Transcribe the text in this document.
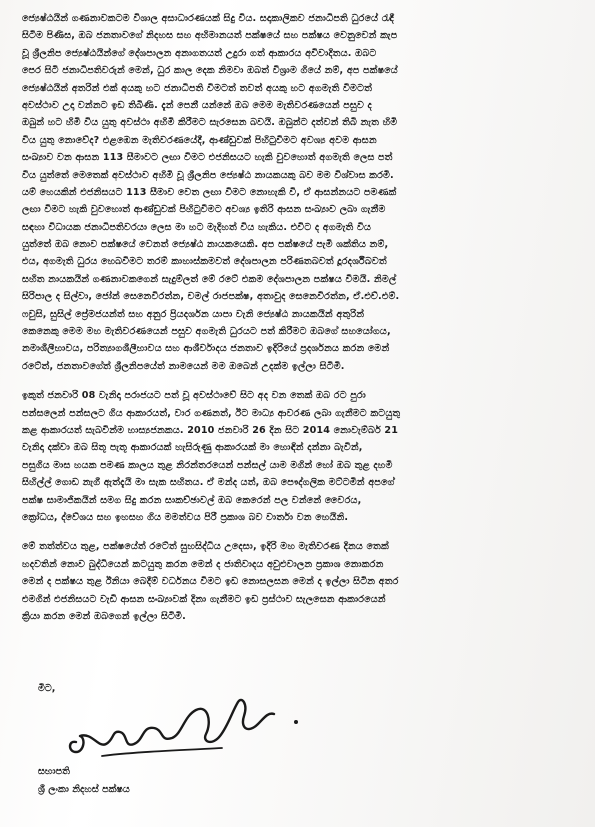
ජ්‍යෙෂ්ඨයින් ගණනාවකටම විශාල අසාධාරණයක් සිදු විය. සදාකාලිකව ජනාධිපති ධුරයේ රැඳී
සිටීම පිණිස, ඔබ ජනතාවගේ නිදහස සහ අභිමානයත් පක්ෂයේ සහ පක්ෂය වෙනුවෙන් කැප
වූ ශ්‍රීලනිප ජ්‍යෙෂ්ඨයින්ගේ දේශපාලන අනාගතයත් උදුරා ගත් ආකාරය අවිවාදිතය. ඔබට
පෙර සිටි ජනාධිපතිවරුන් මෙන්, ධුර කාල දෙක නිමවා ඔබත් විශ්‍රාම ගියේ නම්, අප පක්ෂයේ
ජ්‍යෙෂ්ඨයින් අතරින් එක් අයකු හට ජනාධිපති වීමටත් තවත් අයකු හට අගමැති වීමටත්
අවස්ථාව උදා වන්නට ඉඩ තිබිණි. දැන් පෙනී යන්නේ ඔබ මෙම මැතිවරණයෙන් පසුව ද
ඔබුන් හට හිමි විය යුතු අවස්ථා අහිමි කිරීමට සැරසෙන බවයි. ඔබුන්ට දත්වන් තිබී නැත හිමි
විය යුතු නොවේද? එළඹෙන මැතිවරණයේදී, ආණ්ඩුවක් පිහිටුවීමට අවශ්‍ය අවම ආසන
සංඛ්‍යාව වන ආසන 113 සීමාවට ලඟා වීමට එජනිසයට හැකි වුවහොත් අගමැති ලෙස පත්
විය යුත්තේ මෙතෙක් අවස්ථාව අහිමි වූ ශ්‍රීලනිප ජ්‍යෙෂ්ඨ නායකයකු බව මම විශ්වාස කරමි.
යම් හෙයකින් එජනිසයට 113 සීමාව වෙත ලඟා වීමට නොහැකි වී, ඒ ආසන්නයට පමණක්
ලඟා වීමට හැකි වුවහොත් ආණ්ඩුවක් පිහිටුවීමට අවශ්‍ය ඉතිරි ආසන සංඛ්‍යාව ලබා ගැනීම
සඳහා විධායක ජනාධිපතිවරයා ලෙස මා හට මැදිහත් විය හැකිය. එවිට ද අගමැති විය
යුත්තේ ඔබ නොව පක්ෂයේ වෙනත් ජ්‍යෙෂ්ඨ නායකයෙකි. අප පක්ෂයේ පැමි ශක්තිය නම්,
එය, අගමැති ධුරය හෙබවීමට තරම් කාහාස්කමවත් දේශපාලන පරිණතබවත් දූරදර්ශීබවත්
සහිත නායකයින් ගණනාවකගෙන් සැදුම්ලත් මේ රටේ එකම දේශපාලන පක්ෂය වීමයි. නිමල්
සිරිපාල ද සිල්වා, ජෝන් සෙනෙවිරත්න, චමල් රාජපක්ෂ, අතාවුද සෙනෙවිරත්න, ඒ.එච්.එම්.
ෆවුසි, සුසිල් ප්‍රේමජයන්ත් සහ අනුර ප්‍රියදර්ශන යාපා වැනි ජ්‍යෙෂ්ඨ නායකයින් අතුරින්
කෙනෙකු මෙම මහ මැතිවරණයෙන් පසුව අගමැති ධුරයට පත් කිරීමට ඔබගේ සහයෝගය,
නමාශීලීභාවය, පරිත්‍යාගශීලීභාවය සහ ආශීර්වාදය ජනතාව ඉදිරියේ ප්‍රදර්ශනය කරන මෙන්
රටේත්, ජනතාවගේත් ශ්‍රීලනිපයේත් නාමයෙන් මම ඔබෙන් උදක්ම ඉල්ලා සිටිමි.
ඉකුත් ජනවාරි 08 වැනිදා පරාජයට පත් වූ අවස්ථාවේ සිට අද වන තෙක් ඔබ රට පුරා
පන්සලෙන් පන්සලට ගිය ආකාරයත්, වාර ගණනත්, ඊට මාධ්‍ය ආවරණ ලබා ගැනීමට කටයුතු
කළ ආකාරයත් සැබවින්ම හාස්‍යජනකය. 2010 ජනවාරි 26 දින සිට 2014 නොවැම්බර් 21
වැනිදා දක්වා ඔබ සිතූ පැතූ ආකාරයක් හැසිරුණු ආකාරයක් මා හොඳින් දන්නා බැවින්,
පසුගිය මාස හයක පමණ කාලය තුළ නිරන්තරයෙන් පන්සල් යාම මගින් හෝ ඔබ තුළ දහමී
සිහිල්ල් ගොඩ නැගී ඇත්දැයි මා සැක සහිතය. ඒ මන්ද යත්, ඔබ පෞද්ගලික මට්ටමින් අපගේ
පක්ෂ සාමාජිකයින් සමග සිදු කරන සාකච්ඡාවල් ඔබ කෙරෙන් පල වන්නේ වෛරය,
ක්‍රෝධය, ද්වේශය සහ ඉහසහ ගිය මමත්වය පිරී ප්‍රකාශ බව වාර්තා වන හෙයිනි.
මේ තත්ත්වය තුළ, පක්ෂයේත් රටේත් සුභසිද්ධිය උදෙසා, ඉදිරි මහ මැතිවරණ දිනය තෙක්
හදවතින් නොව බුද්ධියෙන් කටයුතු කරන මෙන් ද ජාතිවාදය අවුළුවාලන ප්‍රකාශ නොකරන
මෙන් ද පක්ෂය තුළ ඊනියා බෙදීම් වර්ධනය වීමට ඉඩ නොසලසන මෙන් ද ඉල්ලා සිටින අතර
එමගින් එජනිසයට වැඩි ආසන සංඛ්‍යාවක් දිනා ගැනීමට ඉඩ ප්‍රස්ථාව සැලසෙන ආකාරයෙන්
ක්‍රියා කරන මෙන් ඔබගෙන් ඉල්ලා සිටිමි.
මීට,
සභාපති
ශ්‍රී ලංකා නිදහස් පක්ෂය
